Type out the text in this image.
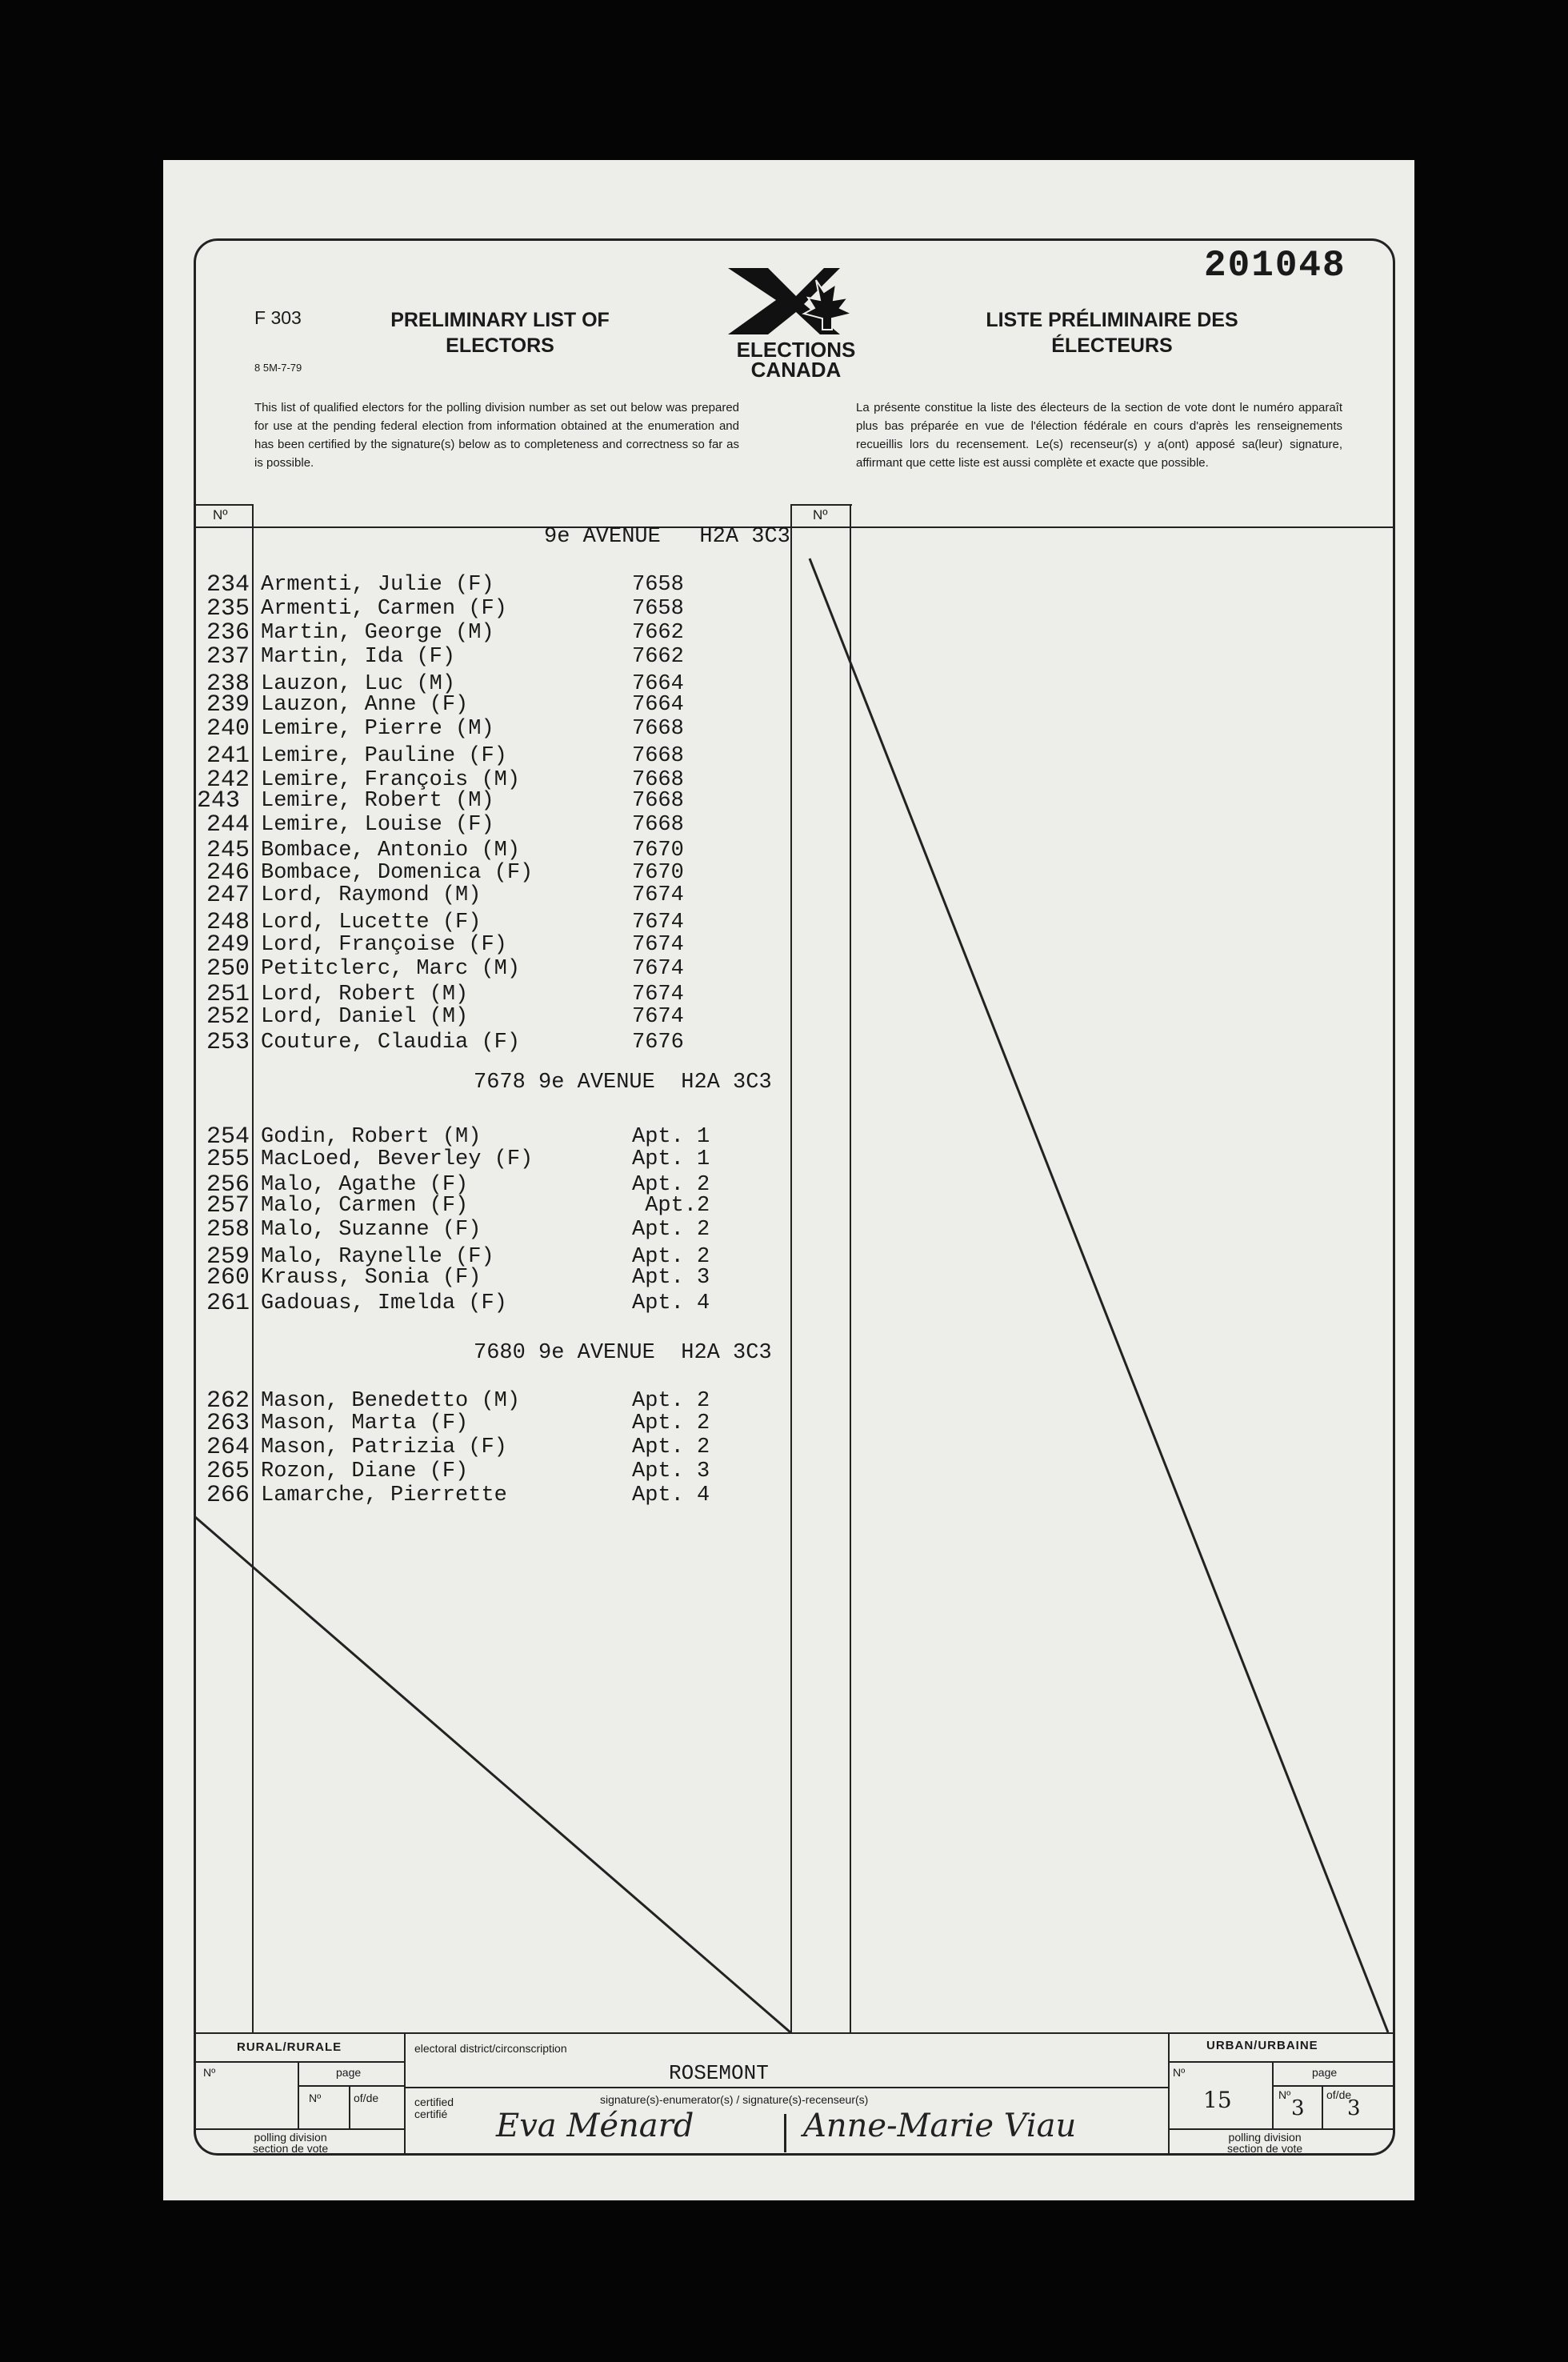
201048
F 303
8 5M-7-79
PRELIMINARY LIST OF
ELECTORS
LISTE PRÉLIMINAIRE DES
ÉLECTEURS
ELECTIONS
CANADA
This list of qualified electors for the polling division number as set out below was prepared for use at the pending federal election from information obtained at the enumeration and has been certified by the signature(s) below as to completeness and correctness so far as is possible.
La présente constitue la liste des électeurs de la section de vote dont le numéro apparaît plus bas préparée en vue de l'élection fédérale en cours d'après les renseignements recueillis lors du recensement. Le(s) recenseur(s) y a(ont) apposé sa(leur) signature, affirmant que cette liste est aussi complète et exacte que possible.
Nº	Nº
9e AVENUE   H2A 3C3
234 Armenti, Julie (F)	7658
235 Armenti, Carmen (F)	7658
236 Martin, George (M)	7662
237 Martin, Ida (F)	7662
238 Lauzon, Luc (M)	7664
239 Lauzon, Anne (F)	7664
240 Lemire, Pierre (M)	7668
241 Lemire, Pauline (F)	7668
242 Lemire, François (M)	7668
243 Lemire, Robert (M)	7668
244 Lemire, Louise (F)	7668
245 Bombace, Antonio (M)	7670
246 Bombace, Domenica (F)	7670
247 Lord, Raymond (M)	7674
248 Lord, Lucette (F)	7674
249 Lord, Françoise (F)	7674
250 Petitclerc, Marc (M)	7674
251 Lord, Robert (M)	7674
252 Lord, Daniel (M)	7674
253 Couture, Claudia (F)	7676
7678 9e AVENUE  H2A 3C3
254 Godin, Robert (M)	Apt. 1
255 MacLoed, Beverley (F)	Apt. 1
256 Malo, Agathe (F)	Apt. 2
257 Malo, Carmen (F)	Apt.2
258 Malo, Suzanne (F)	Apt. 2
259 Malo, Raynelle (F)	Apt. 2
260 Krauss, Sonia (F)	Apt. 3
261 Gadouas, Imelda (F)	Apt. 4
7680 9e AVENUE  H2A 3C3
262 Mason, Benedetto (M)	Apt. 2
263 Mason, Marta (F)	Apt. 2
264 Mason, Patrizia (F)	Apt. 2
265 Rozon, Diane (F)	Apt. 3
266 Lamarche, Pierrette	Apt. 4
RURAL/RURALE
Nº	page
Nº	of/de
polling division
section de vote
electoral district/circonscription
ROSEMONT
certified
certifié
signature(s)-enumerator(s) / signature(s)-recenseur(s)
Eva Ménard	Anne-Marie Viau
URBAN/URBAINE
Nº	page
15	Nº
3
of/de
3
polling division
section de vote
